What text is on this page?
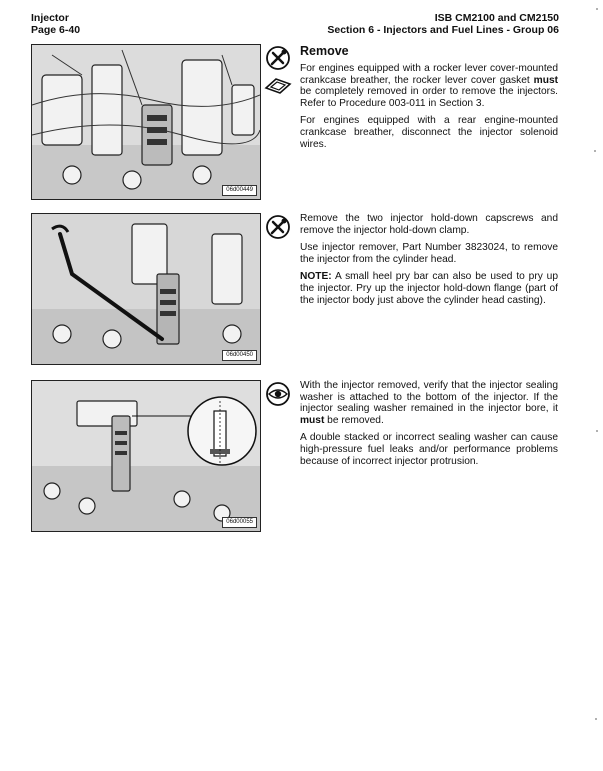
Injector
Page 6-40
ISB CM2100 and CM2150
Section 6 - Injectors and Fuel Lines - Group 06
06d00449
Remove

For engines equipped with a rocker lever cover-mounted crankcase breather, the rocker lever cover gasket must be completely removed in order to remove the injectors. Refer to Procedure 003-011 in Section 3.

For engines equipped with a rear engine-mounted crankcase breather, disconnect the injector solenoid wires.

06d00450

Remove the two injector hold-down capscrews and remove the injector hold-down clamp.

Use injector remover, Part Number 3823024, to remove the injector from the cylinder head.

NOTE: A small heel pry bar can also be used to pry up the injector. Pry up the injector hold-down flange (part of the injector body just above the cylinder head casting).

06d00055

With the injector removed, verify that the injector sealing washer is attached to the bottom of the injector. If the injector sealing washer remained in the injector bore, it must be removed.

A double stacked or incorrect sealing washer can cause high-pressure fuel leaks and/or performance problems because of incorrect injector protrusion.
